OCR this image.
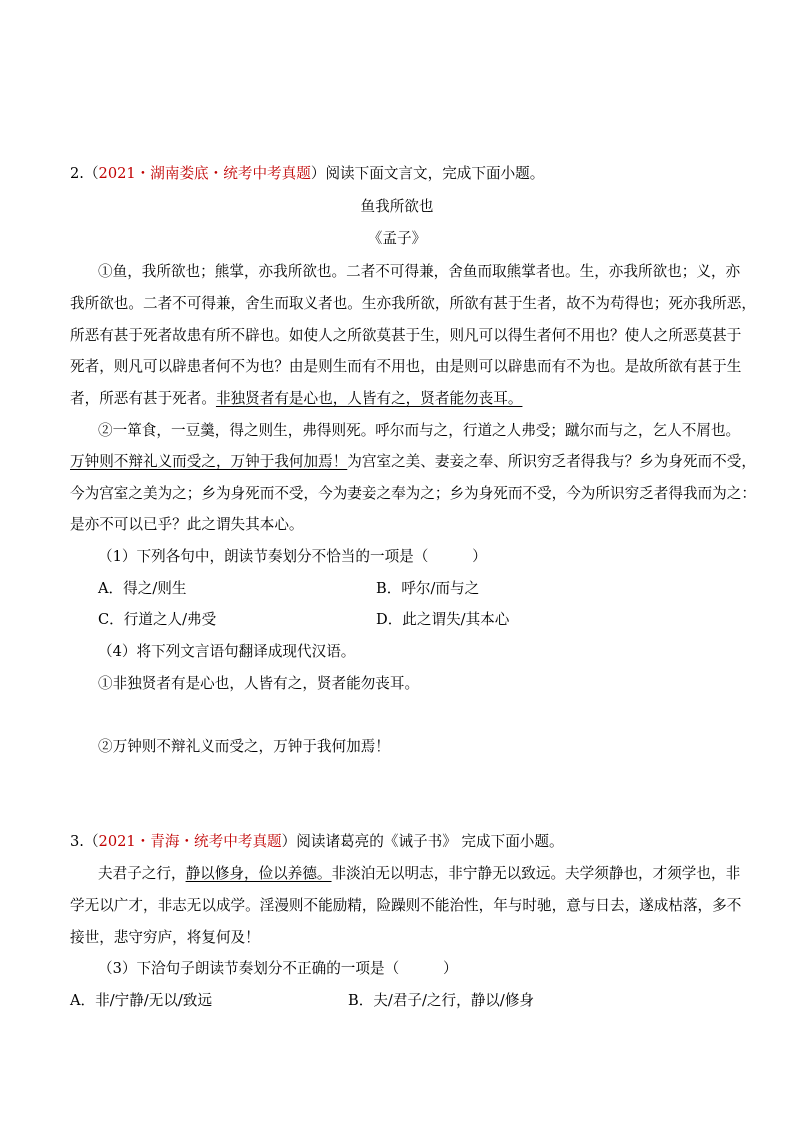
2.（2021・湖南娄底・统考中考真题）阅读下面文言文，完成下面小题。
鱼我所欲也
《孟子》
①鱼，我所欲也；熊掌，亦我所欲也。二者不可得兼，舍鱼而取熊掌者也。生，亦我所欲也；义，亦
我所欲也。二者不可得兼，舍生而取义者也。生亦我所欲，所欲有甚于生者，故不为苟得也；死亦我所恶，
所恶有甚于死者故患有所不辟也。如使人之所欲莫甚于生，则凡可以得生者何不用也？使人之所恶莫甚于
死者，则凡可以辟患者何不为也？由是则生而有不用也，由是则可以辟患而有不为也。是故所欲有甚于生
者，所恶有甚于死者。非独贤者有是心也，人皆有之，贤者能勿丧耳。
②一箪食，一豆羹，得之则生，弗得则死。呼尔而与之，行道之人弗受；蹴尔而与之，乞人不屑也。
万钟则不辩礼义而受之，万钟于我何加焉！为宫室之美、妻妾之奉、所识穷乏者得我与？乡为身死而不受，
今为宫室之美为之；乡为身死而不受，今为妻妾之奉为之；乡为身死而不受，今为所识穷乏者得我而为之：
是亦不可以已乎？此之谓失其本心。
（1）下列各句中，朗读节奏划分不恰当的一项是（　　　）
A．得之/则生	B．呼尔/而与之
C．行道之人/弗受	D．此之谓失/其本心
（4）将下列文言语句翻译成现代汉语。
①非独贤者有是心也，人皆有之，贤者能勿丧耳。
②万钟则不辩礼义而受之，万钟于我何加焉！
3.（2021・青海・统考中考真题）阅读诸葛亮的《诫子书》 完成下面小题。
夫君子之行，静以修身，俭以养德。非淡泊无以明志，非宁静无以致远。夫学须静也，才须学也，非
学无以广才，非志无以成学。淫漫则不能励精，险躁则不能治性，年与时驰，意与日去，遂成枯落，多不
接世，悲守穷庐，将复何及！
（3）下洽句子朗读节奏划分不正确的一项是（　　　）
A．非/宁静/无以/致远	B．夫/君子/之行，静以/修身
